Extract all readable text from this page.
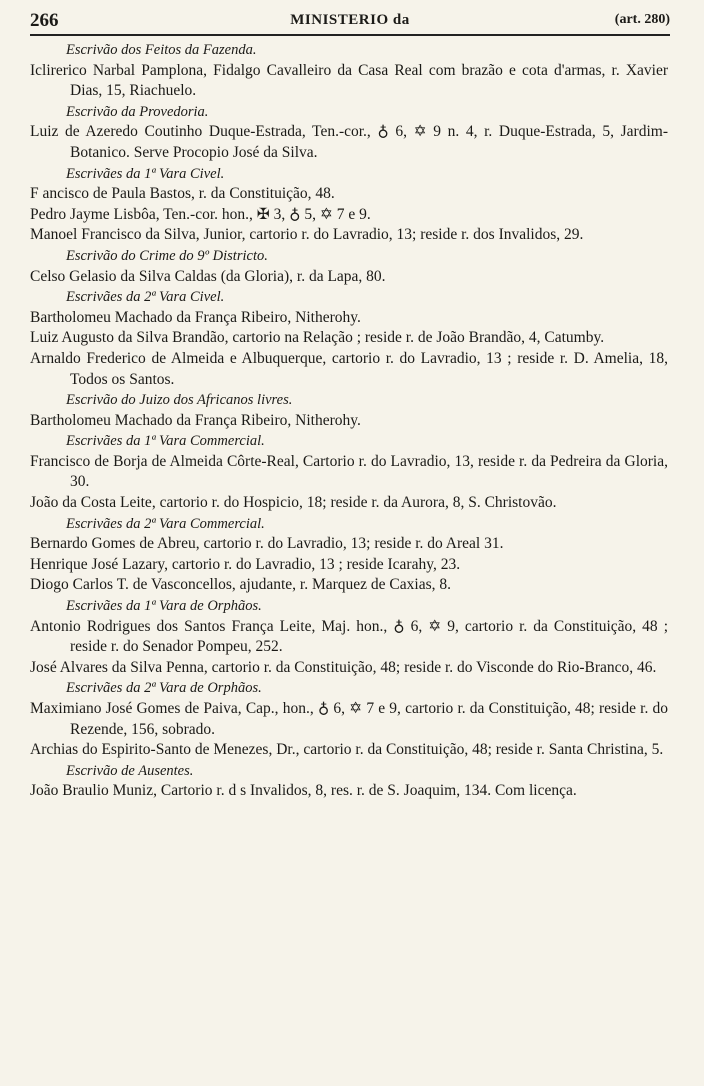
266	MINISTERIO da	(art. 280)
Escrivão dos Feitos da Fazenda.
Iclirerico Narbal Pamplona, Fidalgo Cavalleiro da Casa Real com brazão e cota d'armas, r. Xavier Dias, 15, Riachuelo.
Escrivão da Provedoria.
Luiz de Azeredo Coutinho Duque-Estrada, Ten.-cor., ♁ 6, ✡ 9 n. 4, r. Duque-Estrada, 5, Jardim-Botanico. Serve Procopio José da Silva.
Escrivães da 1ª Vara Civel.
F ancisco de Paula Bastos, r. da Constituição, 48.
Pedro Jayme Lisbôa, Ten.-cor. hon., ✠ 3, ♁ 5, ✡ 7 e 9.
Manoel Francisco da Silva, Junior, cartorio r. do Lavradio, 13; reside r. dos Invalidos, 29.
Escrivão do Crime do 9º Districto.
Celso Gelasio da Silva Caldas (da Gloria), r. da Lapa, 80.
Escrivães da 2ª Vara Civel.
Bartholomeu Machado da França Ribeiro, Nitherohy.
Luiz Augusto da Silva Brandão, cartorio na Relação ; reside r. de João Brandão, 4, Catumby.
Arnaldo Frederico de Almeida e Albuquerque, cartorio r. do Lavradio, 13 ; reside r. D. Amelia, 18, Todos os Santos.
Escrivão do Juizo dos Africanos livres.
Bartholomeu Machado da França Ribeiro, Nitherohy.
Escrivães da 1ª Vara Commercial.
Francisco de Borja de Almeida Côrte-Real, Cartorio r. do Lavradio, 13, reside r. da Pedreira da Gloria, 30.
João da Costa Leite, cartorio r. do Hospicio, 18; reside r. da Aurora, 8, S. Christovão.
Escrivães da 2ª Vara Commercial.
Bernardo Gomes de Abreu, cartorio r. do Lavradio, 13; reside r. do Areal 31.
Henrique José Lazary, cartorio r. do Lavradio, 13 ; reside Icarahy, 23.
Diogo Carlos T. de Vasconcellos, ajudante, r. Marquez de Caxias, 8.
Escrivães da 1ª Vara de Orphãos.
Antonio Rodrigues dos Santos França Leite, Maj. hon., ♁ 6, ✡ 9, cartorio r. da Constituição, 48 ; reside r. do Senador Pompeu, 252.
José Alvares da Silva Penna, cartorio r. da Constituição, 48; reside r. do Visconde do Rio-Branco, 46.
Escrivães da 2ª Vara de Orphãos.
Maximiano José Gomes de Paiva, Cap., hon., ♁ 6, ✡ 7 e 9, cartorio r. da Constituição, 48; reside r. do Rezende, 156, sobrado.
Archias do Espirito-Santo de Menezes, Dr., cartorio r. da Constituição, 48; reside r. Santa Christina, 5.
Escrivão de Ausentes.
João Braulio Muniz, Cartorio r. d s Invalidos, 8, res. r. de S. Joaquim, 134. Com licença.
